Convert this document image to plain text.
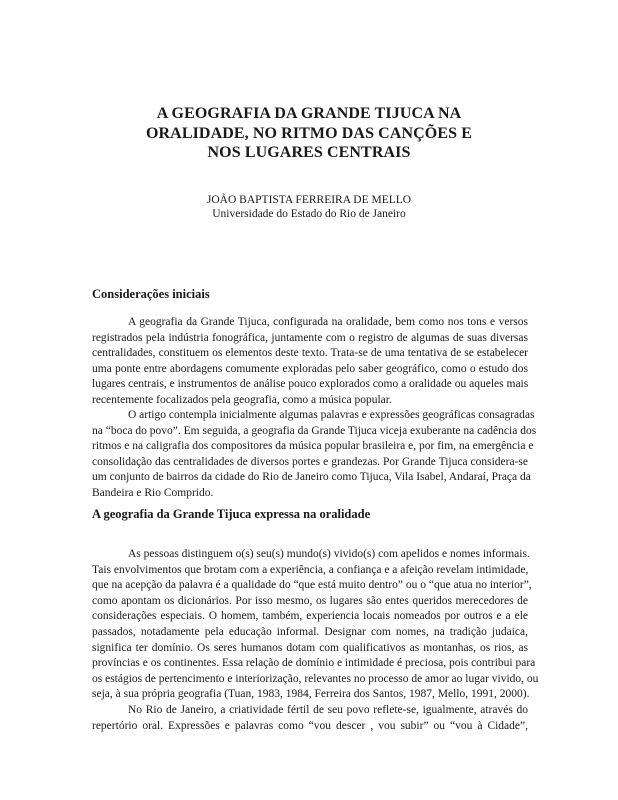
A GEOGRAFIA DA GRANDE TIJUCA NA
ORALIDADE, NO RITMO DAS CANÇÕES E
NOS LUGARES CENTRAIS
JOÃO BAPTISTA FERREIRA DE MELLO
Universidade do Estado do Rio de Janeiro
Considerações iniciais
A geografia da Grande Tijuca, configurada na oralidade, bem como nos tons e versos
registrados pela indústria fonográfica, juntamente com o registro de algumas de suas diversas
centralidades, constituem os elementos deste texto. Trata-se de uma tentativa de se estabelecer
uma ponte entre abordagens comumente exploradas pelo saber geográfico, como o estudo dos
lugares centrais, e instrumentos de análise pouco explorados como a oralidade ou aqueles mais
recentemente focalizados pela geografia, como a música popular.
O artigo contempla inicialmente algumas palavras e expressões geográficas consagradas
na “boca do povo”. Em seguida, a geografia da Grande Tijuca viceja exuberante na cadência dos
ritmos e na caligrafia dos compositores da música popular brasileira e, por fim, na emergência e
consolidação das centralidades de diversos portes e grandezas. Por Grande Tijuca considera-se
um conjunto de bairros da cidade do Rio de Janeiro como Tijuca, Vila Isabel, Andaraí, Praça da
Bandeira e Rio Comprido.
A geografia da Grande Tijuca expressa na oralidade
As pessoas distinguem o(s) seu(s) mundo(s) vivido(s) com apelidos e nomes informais.
Tais envolvimentos que brotam com a experiência, a confiança e a afeição revelam intimidade,
que na acepção da palavra é a qualidade do “que está muito dentro” ou o “que atua no interior”,
como apontam os dicionários. Por isso mesmo, os lugares são entes queridos merecedores de
considerações especiais. O homem, também, experiencia locais nomeados por outros e a ele
passados, notadamente pela educação informal. Designar com nomes, na tradição judaica,
significa ter domínio. Os seres humanos dotam com qualificativos as montanhas, os rios, as
províncias e os continentes. Essa relação de domínio e intimidade é preciosa, pois contribui para
os estágios de pertencimento e interiorização, relevantes no processo de amor ao lugar vivido, ou
seja, à sua própria geografia (Tuan, 1983, 1984, Ferreira dos Santos, 1987, Mello, 1991, 2000).
No Rio de Janeiro, a criatividade fértil de seu povo reflete-se, igualmente, através do
repertório oral. Expressões e palavras como “vou descer , vou subir” ou “vou à Cidade”,
